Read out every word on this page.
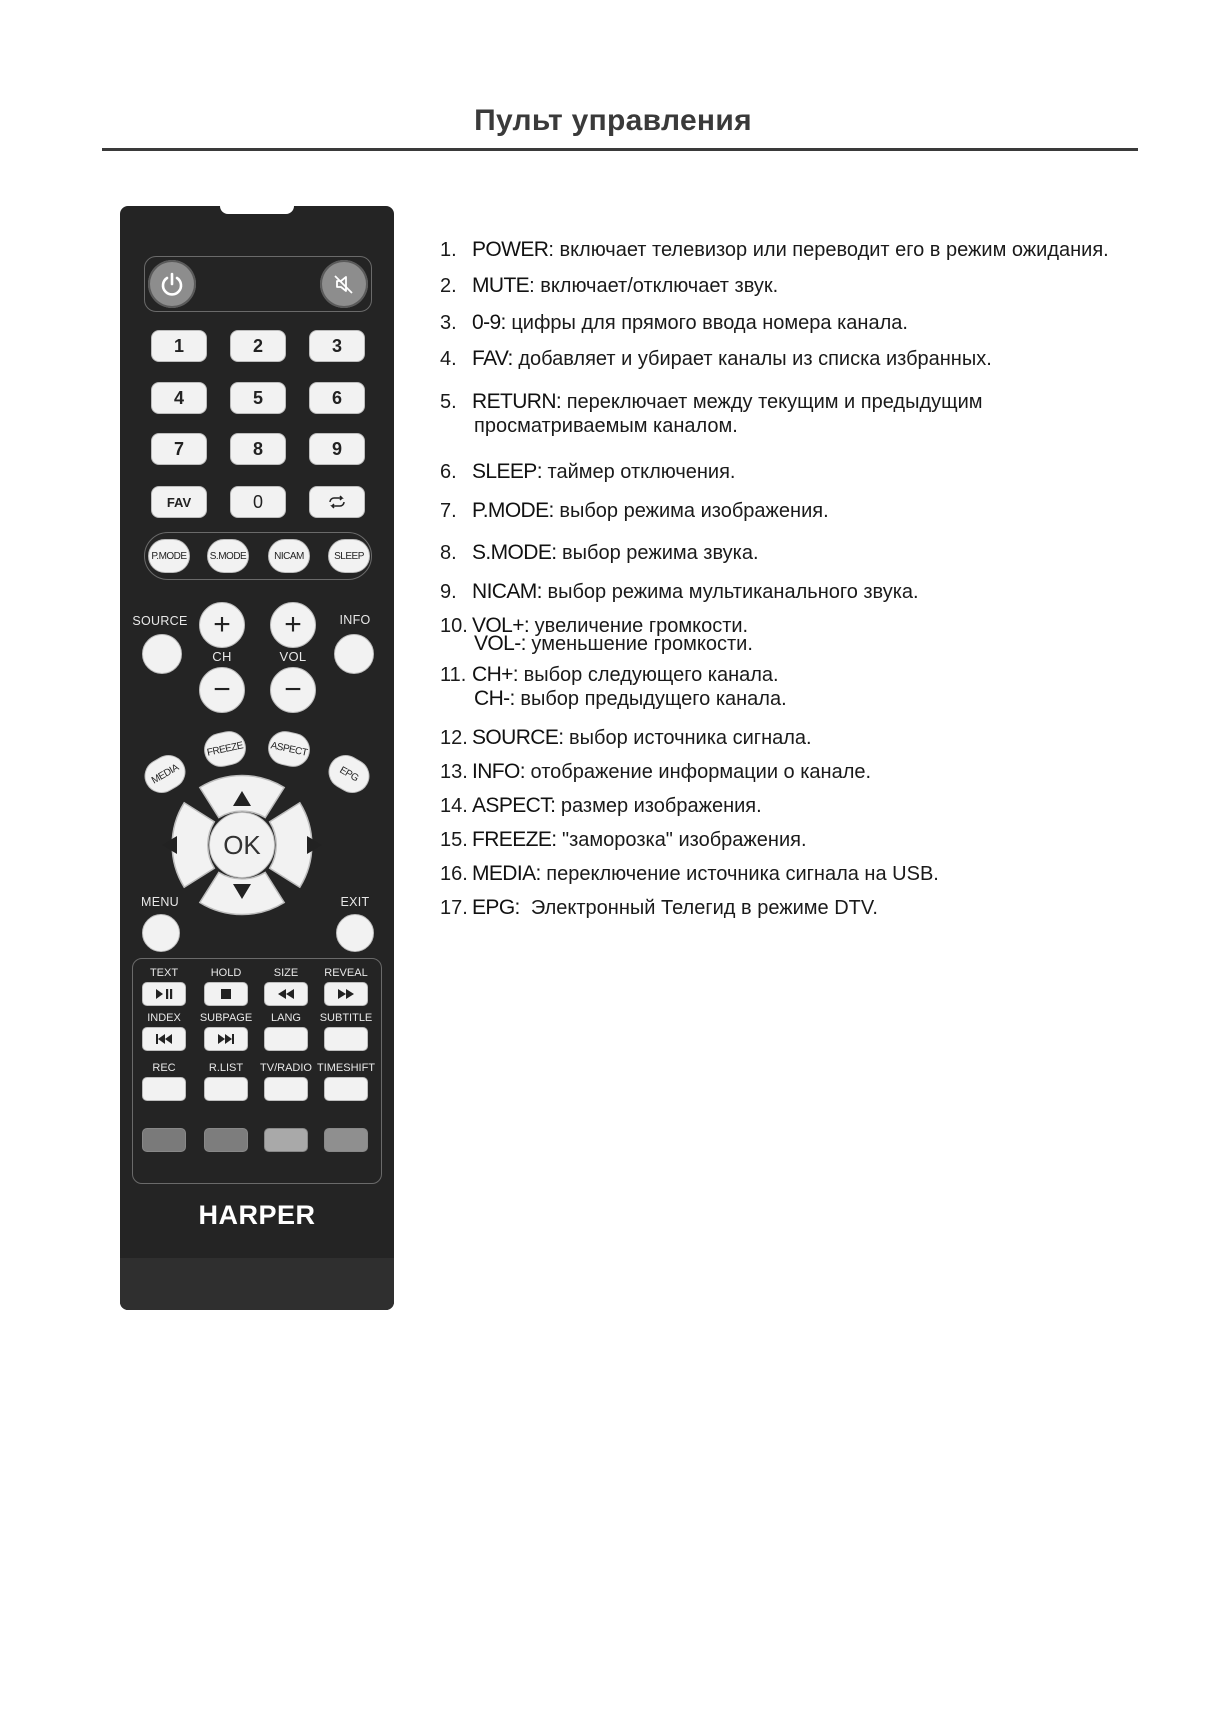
Пульт управления
1	2	3
4	5	6
7	8	9
FAV	0
P.MODE	S.MODE	NICAM	SLEEP
SOURCE	INFO
+
CH
−
+
VOL
−
MEDIA
FREEZE	ASPECT
EPG
OK
MENU	EXIT
TEXT	HOLD	SIZE	REVEAL
INDEX	SUBPAGE	LANG	SUBTITLE
REC	R.LIST	TV/RADIO TIMESHIFT
HARPER
1. POWER: включает телевизор или переводит его в режим ожидания.
2. MUTE: включает/отключает звук.
3. 0-9: цифры для прямого ввода номера канала.
4. FAV: добавляет и убирает каналы из списка избранных.
5. RETURN: переключает между текущим и предыдущим
просматриваемым каналом.
6. SLEEP: таймер отключения.
7. P.MODE: выбор режима изображения.
8. S.MODE: выбор режима звука.
9. NICAM: выбор режима мультиканального звука.
10. VOL+: увеличение громкости.
VOL-: уменьшение громкости.
11. CH+: выбор следующего канала.
CH-: выбор предыдущего канала.
12. SOURCE: выбор источника сигнала.
13. INFO: отображение информации о канале.
14. ASPECT: размер изображения.
15. FREEZE: "заморозка" изображения.
16. MEDIA: переключение источника сигнала на USB.
17. EPG:  Электронный Телегид в режиме DTV.
